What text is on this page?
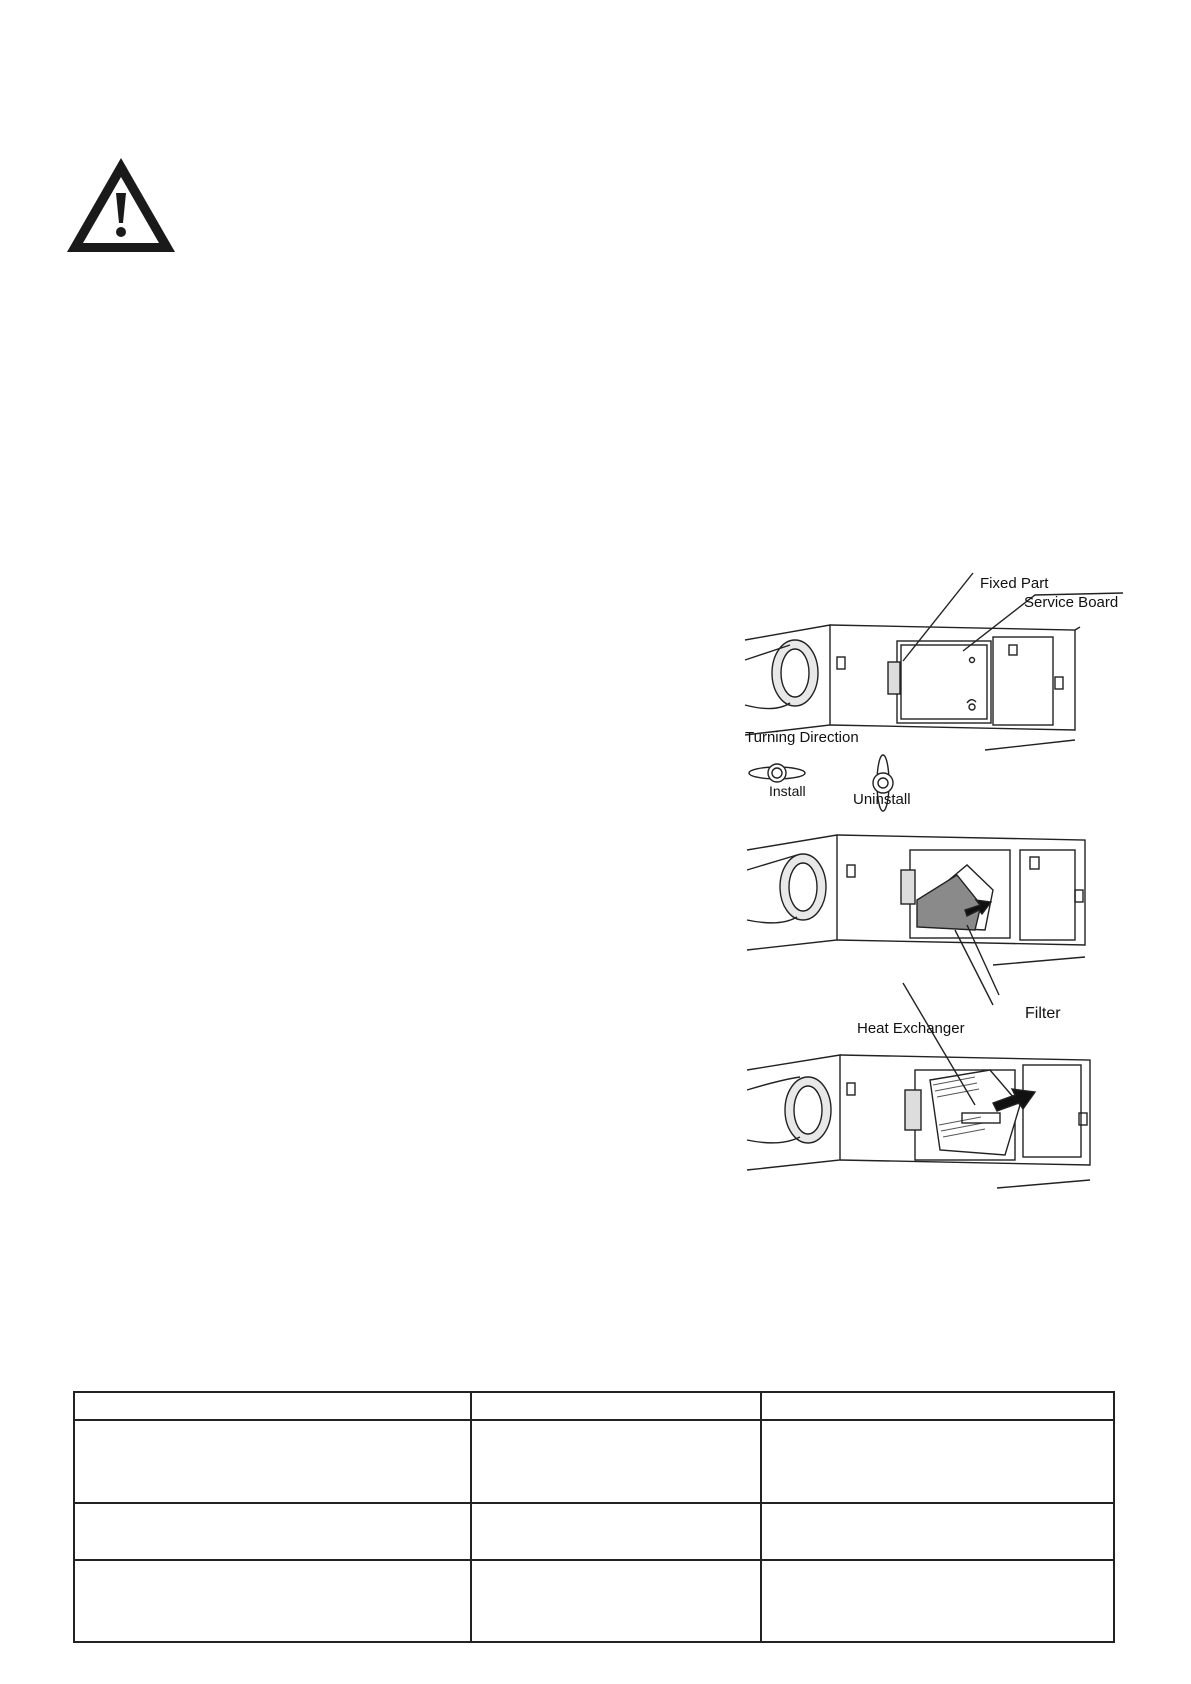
Fixed Part
Service Board
Turning Direction
Install	Uninstall
Filter
Heat Exchanger
